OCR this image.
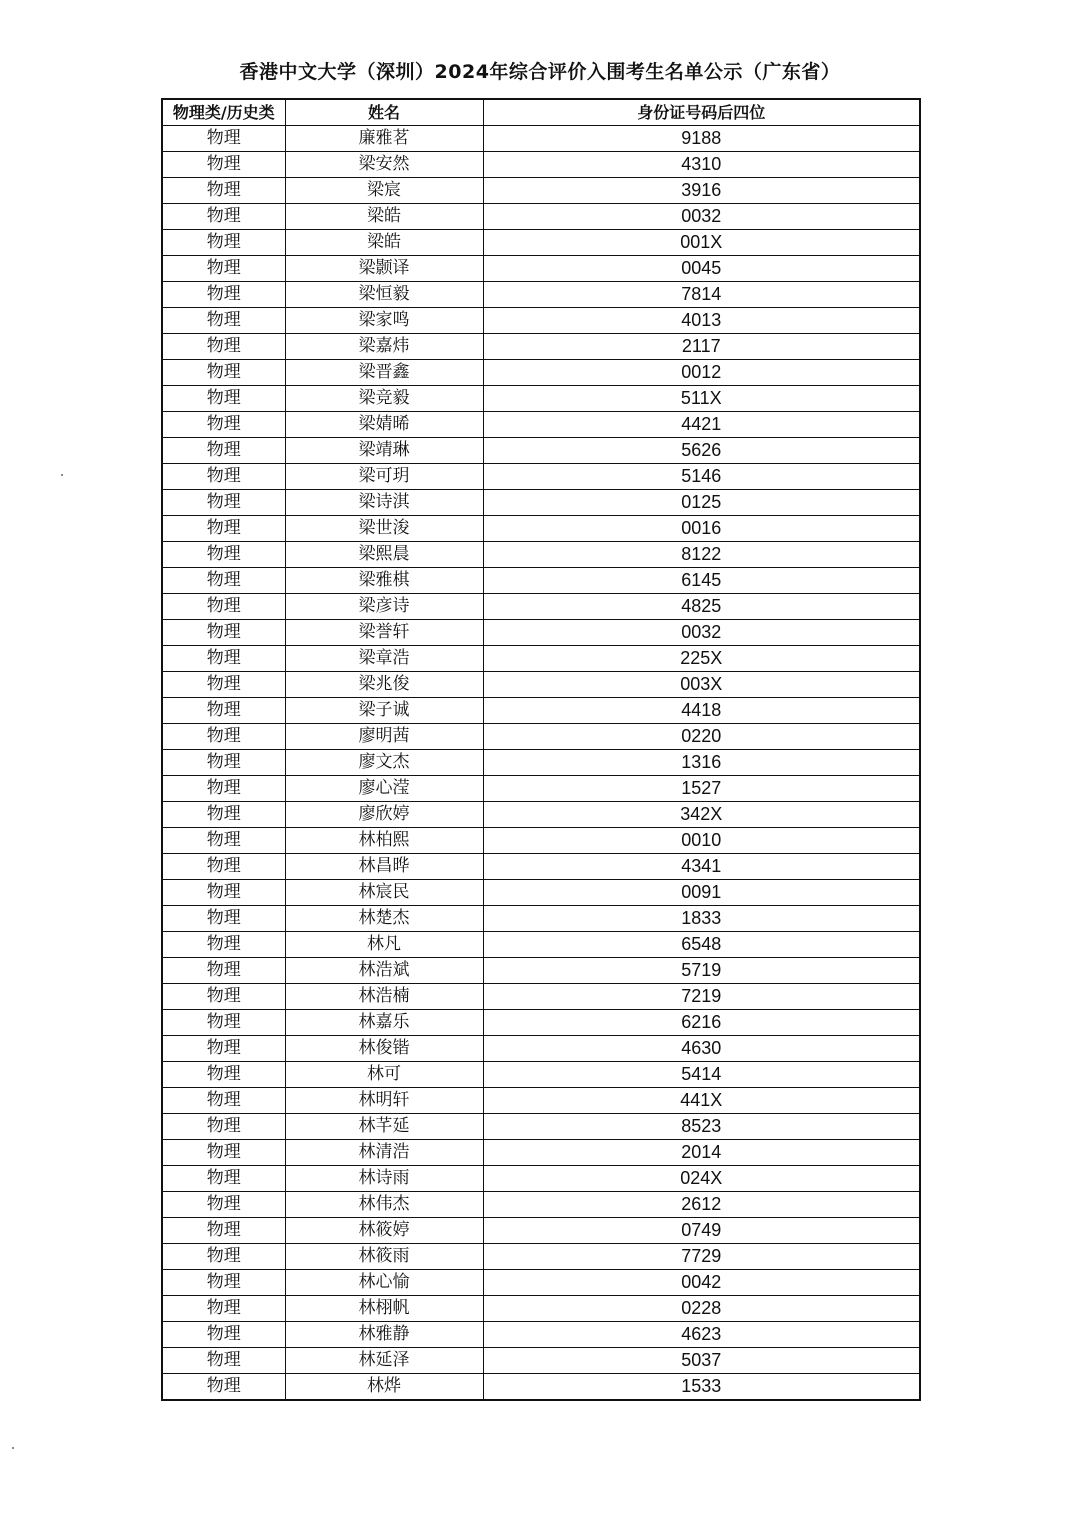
香港中文大学（深圳）2024年综合评价入围考生名单公示（广东省）
物理类/历史类	姓名	身份证号码后四位
物理	廉雅茗	9188
物理	梁安然	4310
物理	梁宸	3916
物理	梁皓	0032
物理	梁皓	001X
物理	梁颢译	0045
物理	梁恒毅	7814
物理	梁家鸣	4013
物理	梁嘉炜	2117
物理	梁晋鑫	0012
物理	梁竞毅	511X
物理	梁婧晞	4421
物理	梁靖琳	5626
物理	梁可玥	5146
物理	梁诗淇	0125
物理	梁世浚	0016
物理	梁熙晨	8122
物理	梁雅棋	6145
物理	梁彦诗	4825
物理	梁誉轩	0032
物理	梁章浩	225X
物理	梁兆俊	003X
物理	梁子诚	4418
物理	廖明茜	0220
物理	廖文杰	1316
物理	廖心滢	1527
物理	廖欣婷	342X
物理	林柏熙	0010
物理	林昌晔	4341
物理	林宸民	0091
物理	林楚杰	1833
物理	林凡	6548
物理	林浩斌	5719
物理	林浩楠	7219
物理	林嘉乐	6216
物理	林俊锴	4630
物理	林可	5414
物理	林明轩	441X
物理	林芊延	8523
物理	林清浩	2014
物理	林诗雨	024X
物理	林伟杰	2612
物理	林筱婷	0749
物理	林筱雨	7729
物理	林心愉	0042
物理	林栩帆	0228
物理	林雅静	4623
物理	林延泽	5037
物理	林烨	1533
